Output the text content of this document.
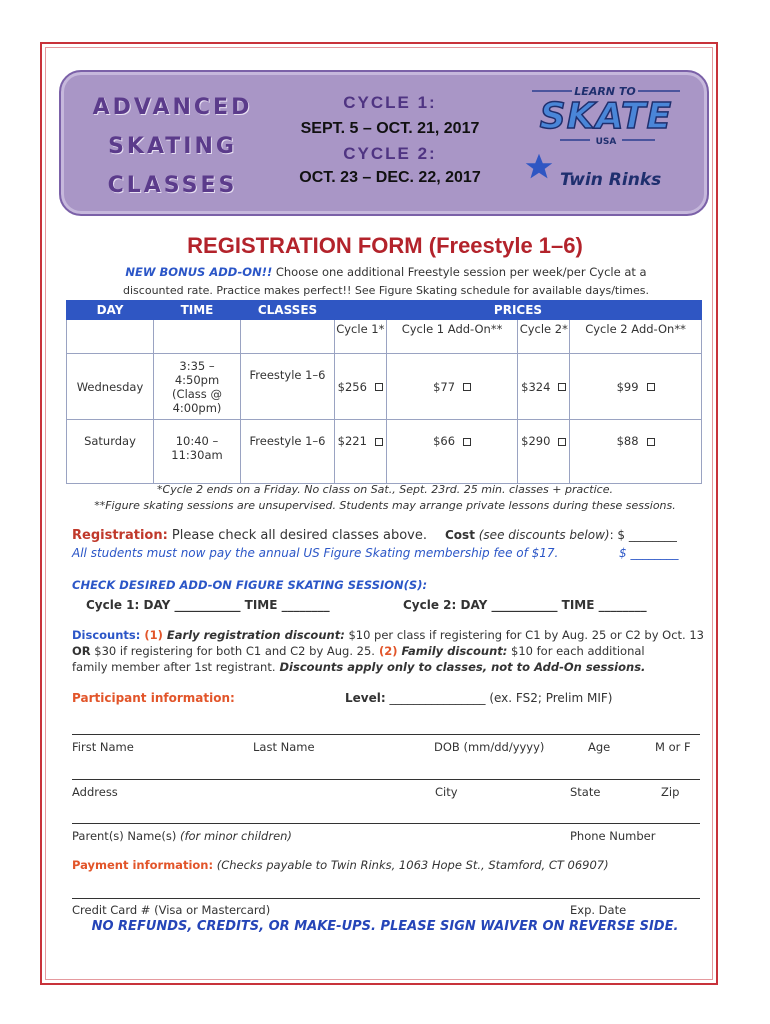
ADVANCED
SKATING
CLASSES
CYCLE 1:
SEPT. 5 – OCT. 21, 2017
CYCLE 2:
OCT. 23 – DEC. 22, 2017
LEARN TO
SKATE
USA
Twin Rinks
REGISTRATION FORM (Freestyle 1–6)
NEW BONUS ADD-ON!! Choose one additional Freestyle session per week/per Cycle at a
discounted rate. Practice makes perfect!! See Figure Skating schedule for available days/times.
DAY	TIME	CLASSES	PRICES			
			Cycle 1*	Cycle 1 Add-On**	Cycle 2*	Cycle 2 Add-On**
Wednesday	3:35 – 4:50pm (Class @ 4:00pm)	Freestyle 1–6	$256	$77	$324	$99
Saturday	10:40 – 11:30am	Freestyle 1–6	$221	$66	$290	$88
*Cycle 2 ends on a Friday. No class on Sat., Sept. 23rd. 25 min. classes + practice.
**Figure skating sessions are unsupervised. Students may arrange private lessons during these sessions.
Registration: Please check all desired classes above. Cost (see discounts below): $ ________
All students must now pay the annual US Figure Skating membership fee of $17.	$ ________
CHECK DESIRED ADD-ON FIGURE SKATING SESSION(S):
Cycle 1: DAY ___________ TIME ________	Cycle 2: DAY ___________ TIME ________
Discounts: (1) Early registration discount: $10 per class if registering for C1 by Aug. 25 or C2 by Oct. 13
OR $30 if registering for both C1 and C2 by Aug. 25. (2) Family discount: $10 for each additional
family member after 1st registrant. Discounts apply only to classes, not to Add-On sessions.
Participant information:	Level: ________________ (ex. FS2; Prelim MIF)
First Name	Last Name	DOB (mm/dd/yyyy)	Age	M or F
Address	City	State	Zip
Parent(s) Name(s) (for minor children)	Phone Number
Payment information: (Checks payable to Twin Rinks, 1063 Hope St., Stamford, CT 06907)
Credit Card # (Visa or Mastercard)	Exp. Date
NO REFUNDS, CREDITS, OR MAKE-UPS. PLEASE SIGN WAIVER ON REVERSE SIDE.
